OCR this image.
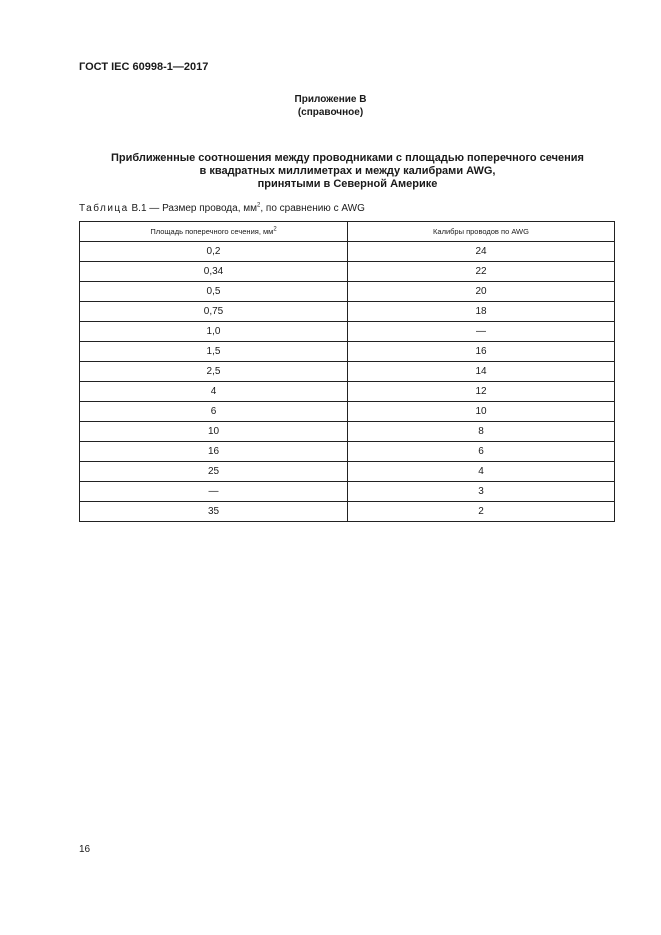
ГОСТ IEC 60998-1—2017
Приложение В
(справочное)
Приближенные соотношения между проводниками с площадью поперечного сечения
в квадратных миллиметрах и между калибрами AWG,
принятыми в Северной Америке
Таблица В.1 — Размер провода, $мм^2$, по сравнению с AWG
Площадь поперечного сечения, $мм^2$	Калибры проводов по AWG
0,2	24
0,34	22
0,5	20
0,75	18
1,0	—
1,5	16
2,5	14
4	12
6	10
10	8
16	6
25	4
—	3
35	2
16
